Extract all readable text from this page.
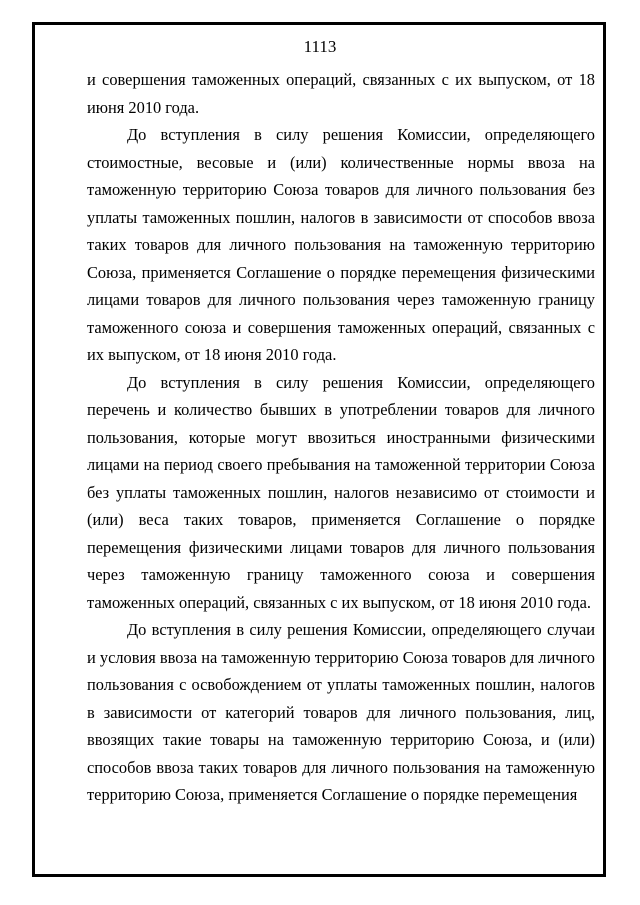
1113

и совершения таможенных операций, связанных с их выпуском, от 18 июня 2010 года.

До вступления в силу решения Комиссии, определяющего стоимостные, весовые и (или) количественные нормы ввоза на таможенную территорию Союза товаров для личного пользования без уплаты таможенных пошлин, налогов в зависимости от способов ввоза таких товаров для личного пользования на таможенную территорию Союза, применяется Соглашение о порядке перемещения физическими лицами товаров для личного пользования через таможенную границу таможенного союза и совершения таможенных операций, связанных с их выпуском, от 18 июня 2010 года.

До вступления в силу решения Комиссии, определяющего перечень и количество бывших в употреблении товаров для личного пользования, которые могут ввозиться иностранными физическими лицами на период своего пребывания на таможенной территории Союза без уплаты таможенных пошлин, налогов независимо от стоимости и (или) веса таких товаров, применяется Соглашение о порядке перемещения физическими лицами товаров для личного пользования через таможенную границу таможенного союза и совершения таможенных операций, связанных с их выпуском, от 18 июня 2010 года.

До вступления в силу решения Комиссии, определяющего случаи и условия ввоза на таможенную территорию Союза товаров для личного пользования с освобождением от уплаты таможенных пошлин, налогов в зависимости от категорий товаров для личного пользования, лиц, ввозящих такие товары на таможенную территорию Союза, и (или) способов ввоза таких товаров для личного пользования на таможенную территорию Союза, применяется Соглашение о порядке перемещения
